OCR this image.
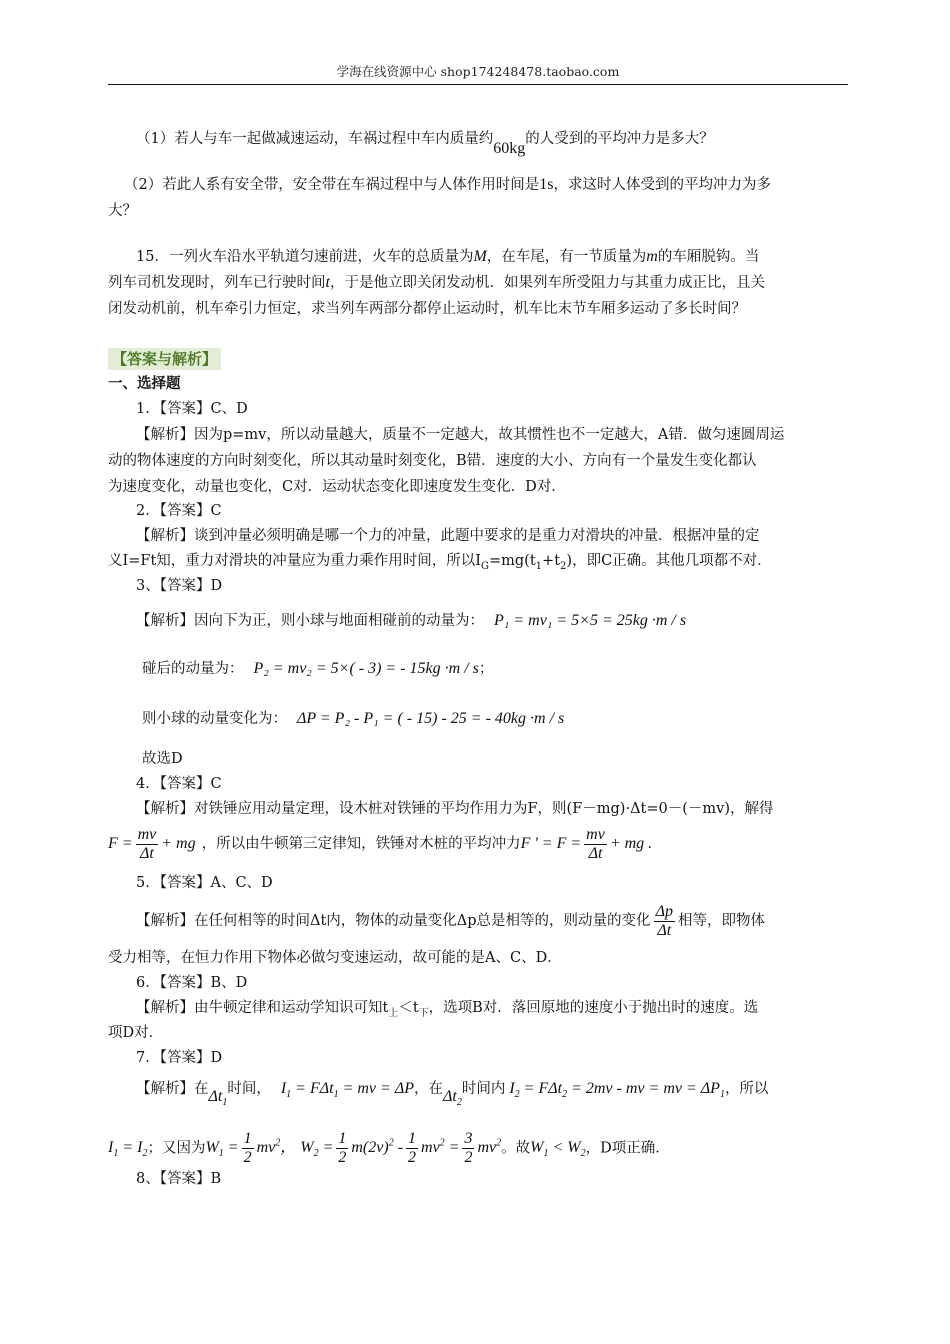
学海在线资源中心 shop174248478.taobao.com
（1）若人与车一起做减速运动，车祸过程中车内质量约60kg的人受到的平均冲力是多大？
（2）若此人系有安全带，安全带在车祸过程中与人体作用时间是1s，求这时人体受到的平均冲力为多
大？
15．一列火车沿水平轨道匀速前进，火车的总质量为M，在车尾，有一节质量为m的车厢脱钩。当
列车司机发现时，列车已行驶时间t，于是他立即关闭发动机．如果列车所受阻力与其重力成正比，且关
闭发动机前，机车牵引力恒定，求当列车两部分都停止运动时，机车比末节车厢多运动了多长时间？
【答案与解析】
一、选择题
1．【答案】C、D
【解析】因为p=mv，所以动量越大，质量不一定越大，故其惯性也不一定越大，A错．做匀速圆周运
动的物体速度的方向时刻变化，所以其动量时刻变化，B错．速度的大小、方向有一个量发生变化都认
为速度变化，动量也变化，C对．运动状态变化即速度发生变化．D对．
2．【答案】C
【解析】谈到冲量必须明确是哪一个力的冲量，此题中要求的是重力对滑块的冲量．根据冲量的定
义I=Ft知，重力对滑块的冲量应为重力乘作用时间，所以$I_G=mg(t_1+t_2)$，即C正确。其他几项都不对．
3、【答案】D
【解析】因向下为正，则小球与地面相碰前的动量为： P₁ = mv₁ = 5×5 = 25kg ·m / s
碰后的动量为： P₂ = mv₂ = 5×( - 3) = - 15kg ·m / s；
则小球的动量变化为： ΔP = P₂ - P₁ = ( - 15) - 25 = - 40kg ·m / s
故选D
4．【答案】C
【解析】对铁锤应用动量定理，设木桩对铁锤的平均作用力为F，则(F－mg)·Δt=0－(－mv)，解得
$F = \frac{mv}{\Delta t}$ + mg ，所以由牛顿第三定律知，铁锤对木桩的平均冲力F ' = $F = \frac{mv}{\Delta t}$ + mg .
5．【答案】A、C、D
【解析】在任何相等的时间Δt内，物体的动量变化Δp总是相等的，则动量的变化 $\frac{\Delta p}{\Delta t}$ 相等，即物体
受力相等，在恒力作用下物体必做匀变速运动，故可能的是A、C、D．
6．【答案】B、D
【解析】由牛顿定律和运动学知识可知$t_上<t_下$，选项B对．落回原地的速度小于抛出时的速度。选
项D对．
7．【答案】D
【解析】在$\Delta t_1$时间， $I_1 = F\Delta t_1$ = mv = ΔP，在$\Delta t_2$时间内 $I_2 = F\Delta t_2 = 2mv$ - mv = mv = $\Delta P_1$，所以
$I_1 = I_2$；又因为$W_1 = \frac{1}{2} mv^2$， $W_2 = \frac{1}{2} m(2v)^2 - \frac{1}{2} mv^2 = \frac{3}{2} mv^2$。故$W_1 < W_2$，D项正确．
8、【答案】B
